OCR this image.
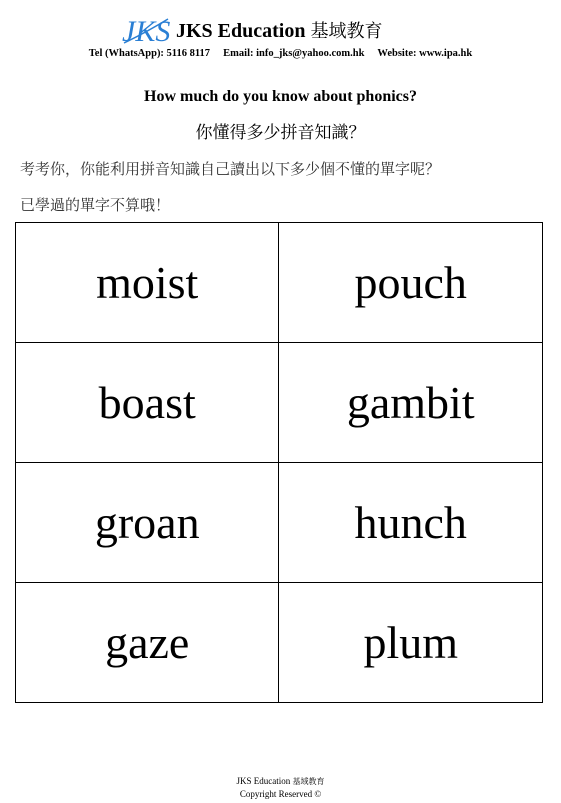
JKS JKS Education 基域教育
Tel (WhatsApp): 5116 8117     Email: info_jks@yahoo.com.hk     Website: www.ipa.hk
How much do you know about phonics?
你懂得多少拼音知識？
考考你，你能利用拼音知識自己讀出以下多少個不懂的單字呢？
已學過的單字不算哦！
moist	pouch
boast	gambit
groan	hunch
gaze	plum
JKS Education 基域教育
Copyright Reserved ©
